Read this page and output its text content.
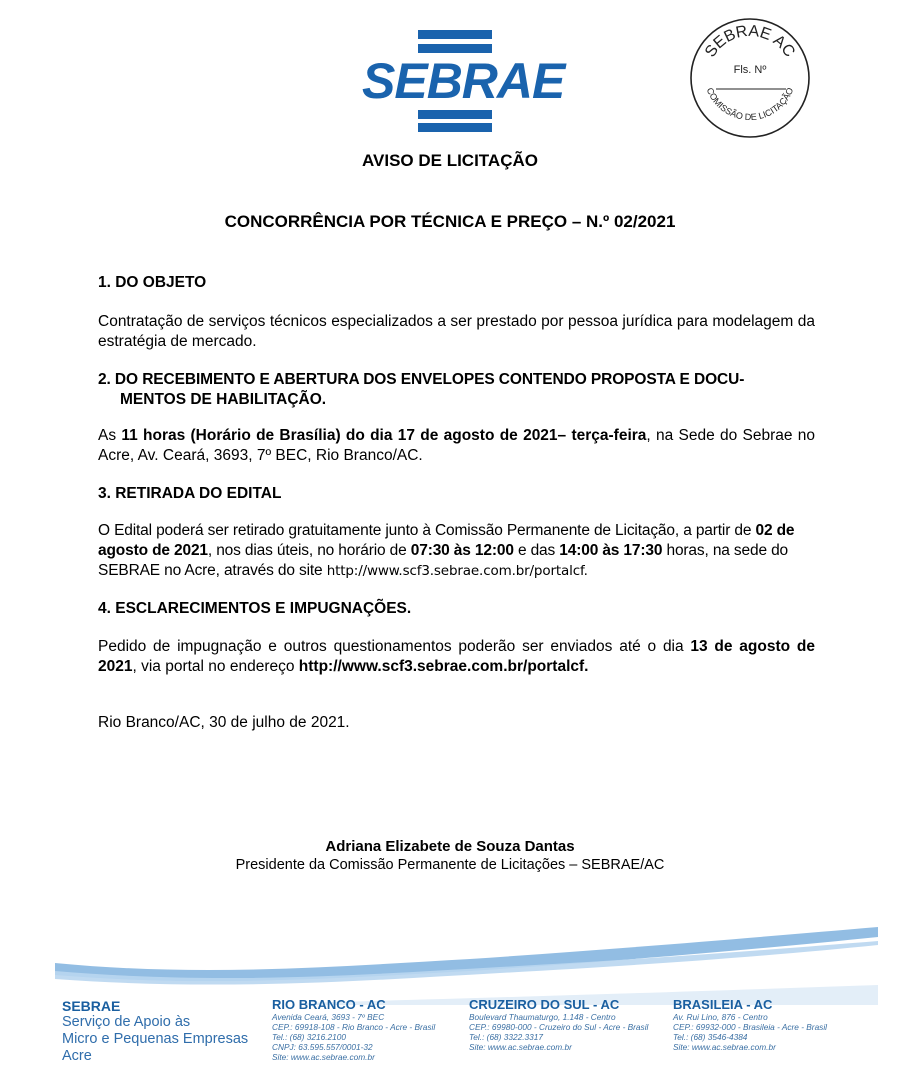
SEBRAE
SEBRAE AC
Fls. Nº
COMISSÃO DE LICITAÇÃO
AVISO DE LICITAÇÃO
CONCORRÊNCIA POR TÉCNICA E PREÇO – N.º 02/2021
1. DO OBJETO
Contratação de serviços técnicos especializados a ser prestado por pessoa jurídica para modelagem da estratégia de mercado.
2. DO RECEBIMENTO E ABERTURA DOS ENVELOPES CONTENDO PROPOSTA E DOCU-
MENTOS DE HABILITAÇÃO.
As 11 horas (Horário de Brasília) do dia 17 de agosto de 2021– terça-feira, na Sede do Sebrae no Acre, Av. Ceará, 3693, 7º BEC, Rio Branco/AC.
3. RETIRADA DO EDITAL
O Edital poderá ser retirado gratuitamente junto à Comissão Permanente de Licitação, a partir de 02 de agosto de 2021, nos dias úteis, no horário de 07:30 às 12:00 e das 14:00 às 17:30 horas, na sede do SEBRAE no Acre, através do site http://www.scf3.sebrae.com.br/portalcf.
4. ESCLARECIMENTOS E IMPUGNAÇÕES.
Pedido de impugnação e outros questionamentos poderão ser enviados até o dia 13 de agosto de 2021, via portal no endereço http://www.scf3.sebrae.com.br/portalcf.
Rio Branco/AC, 30 de julho de 2021.
Adriana Elizabete de Souza Dantas
Presidente da Comissão Permanente de Licitações – SEBRAE/AC
SEBRAE
Serviço de Apoio às
Micro e Pequenas Empresas
Acre
RIO BRANCO - AC
Avenida Ceará, 3693 - 7º BEC
CEP.: 69918-108 - Rio Branco - Acre - Brasil
Tel.: (68) 3216.2100
CNPJ: 63.595.557/0001-32
Site: www.ac.sebrae.com.br
CRUZEIRO DO SUL - AC
Boulevard Thaumaturgo, 1.148 - Centro
CEP.: 69980-000 - Cruzeiro do Sul - Acre - Brasil
Tel.: (68) 3322.3317
Site: www.ac.sebrae.com.br
BRASILEIA - AC
Av. Rui Lino, 876 - Centro
CEP.: 69932-000 - Brasileia - Acre - Brasil
Tel.: (68) 3546-4384
Site: www.ac.sebrae.com.br
